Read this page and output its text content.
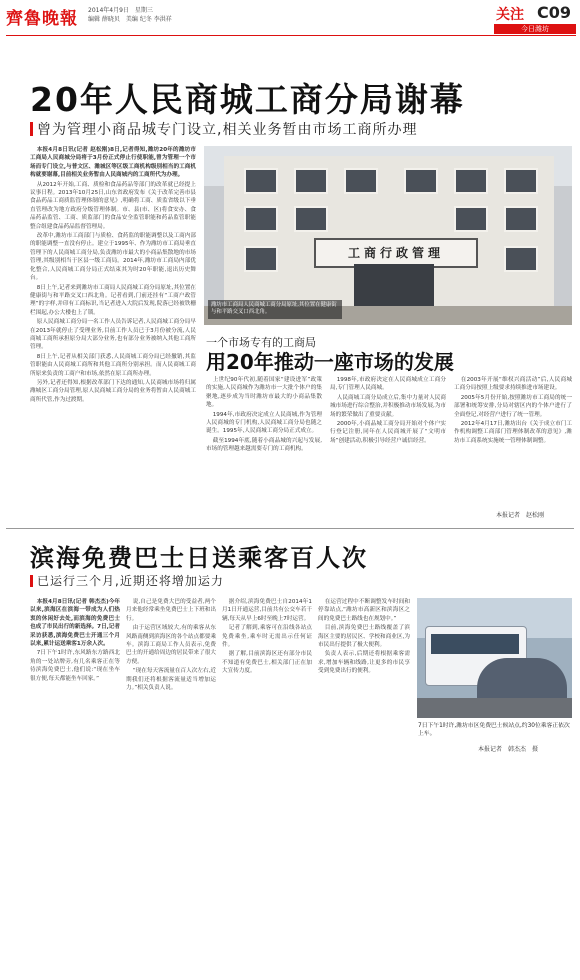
齊魯晚報 2014年4月9日　星期三
编辑 薛晓贝　美编 纪冬 李洪祥	关注 C09
今日潍坊
20年人民商城工商分局谢幕
曾为管理小商品城专门设立,相关业务暂由市场工商所办理

本报4月8日讯(记者 赵松刚)8日,记者得知,潍坊20年的潍坊市工商局人民商城分局将于3月份正式停止行使职能,曾为管理一个市场而专门设立,与普文区、潍城区等区级工商机构级别相当的工商机构就要谢幕,目前相关业务暂由人民商城内的工商所代为办理。

从2012年开始,工商、质检和食品药品等部门的改革就已经提上议事日程。2013年10月25日,山东省政府发布《关于改革完善市县食品药品工商质监管理体制的意见》,明确将工商、质监省级以下垂直管理改为地方政府分级管理体制。市、县(市、区)将食安办、食品药品监管、工商、质监部门的食品安全监管职能和药品监管职能整合组建食品药品监督管理局。

改革中,潍坊市工商部门与质检、食药监的职能调整以及工商内部的职能调整一直没有停止。建立于1995年、作为潍坊市工商局垂直管理下的人民商城工商分局,负责潍坊市最大的小商品集散地的市场管理,其级别相当于区县一级工商局。2014年,潍坊市工商局内部优化整合,人民商城工商分局正式结束其为时20年职能,退出历史舞台。

8日上午,记者来到潍坊市工商局人民商城工商分局原址,其位置在健康街与和平路交叉口西北角。记者看到,门前还挂有“工商户政管理”的字样,并印有工商标识,当记者进入大院后发现,院落已经被铁栅栏围起,办公大楼也上了锁。

原人民商城工商分局一名工作人员告诉记者,人民商城工商分局早在2013年就停止了受理业务,目前工作人员已于3月份被分流,人民商城工商所承担原分局大部分业务,也有部分业务被纳入其他工商所管理。

8日上午,记者从相关部门获悉,人民商城工商分局已经撤销,其监管职能由人民商城工商所和其他工商所分别承担。而人民商城工商所原来负责的工商户和市场,依然在原工商所办理。

另外,记者还得知,根据改革部门下达的通知,人民商城市场将归属潍城区工商分局管理,原人民商城工商分局的业务将暂由人民商城工商所代管,作为过渡期。

工商行政管理
潍坊市工商局人民商城工商分局原址,其位置在健康街与和平路交叉口西北角。
一个市场专有的工商局
用20年推动一座市场的发展

上世纪90年代初,随着国家“建设进军”政策的实施,人民商城作为潍坊市一大批个体户的集聚地,逐步成为当时潍坊市最大的小商品集散地。

1994年,市政府决定成立人民商城,作为管理人民商城的专门机构,人民商城工商分局也随之诞生。1995年,人民商城工商分局正式成立。

截至1994年底,随着小商品城的兴起与发展,市场的管理越来越需要专门的工商机构。

1998年,市政府决定在人民商城成立工商分局,专门管理人民商城。

人民商城工商分局成立后,集中力量对人民商城市场进行综合整治,并积极推动市场发展,为市场的繁荣做出了重要贡献。

2000年,小商品城工商分局开始对个体户实行登记注册,同年在人民商城开展了“文明市场”创建活动,积极引导经营户诚信经营。

在2003年开展“维权兴商活动”后,人民商城工商分局按照上级要求持续推进市场建设。

2005年5月份开始,按照潍坊市工商局的统一部署和统筹安排,分局对辖区内的个体户进行了全面登记,对经营户进行了统一管理。

2012年4月17日,潍坊出台《关于成立市门工作机构调整工商部门管理体制改革的意见》,潍坊市工商系统实施统一管理体制调整。

本报记者　赵松刚
滨海免费巴士日送乘客百人次
已运行三个月,近期还将增加运力

本报4月8日讯(记者 韩杰杰)今年以来,滨海区在滨海一带成为人们热衷的休闲好去处,而滨海的免费巴士也成了市民出行的新选择。7日,记者采访获悉,滨海免费巴士开通三个月以来,累计运送乘客1万余人次。

7日下午1时许,东风路东方路西北角的一处站牌旁,有几名乘客正在等待滨海免费巴士,他们说:“现在坐车很方便,每天都能坐车回家。”

说,自己是免费大巴的受益者,两个月来他经常乘坐免费巴士上下班和出行。

由于运营区域较大,有的乘客从东风路南侧到滨海区的各个站点都要乘车。滨海工商局工作人员表示,免费巴士的开通给周边的居民带来了很大方便。

“现在每天客流量在百人次左右,近期我们还将根据客流量适当增加运力。”相关负责人说。

据介绍,滨海免费巴士自2014年1月1日开通运营,目前共有公交车若干辆,每天从早上6时至晚上7时运营。

记者了解到,乘客可在沿线各站点免费乘坐,乘车时无需出示任何证件。

据了解,目前滨海区还有部分市民不知道有免费巴士,相关部门正在加大宣传力度。

在运营过程中不断调整发车时间和停靠站点,“潍坊市高新区和滨海区之间的免费巴士路线也在规划中。”

目前,滨海免费巴士路线覆盖了滨海区主要的居民区、学校和商业区,为市民出行提供了极大便利。

负责人表示,后期还将根据乘客需求,增加车辆和线路,让更多的市民享受到免费出行的便利。

7日下午1时许,潍坊市区免费巴士候站点,约30位乘客正依次上车。
本报记者　韩杰杰　摄
